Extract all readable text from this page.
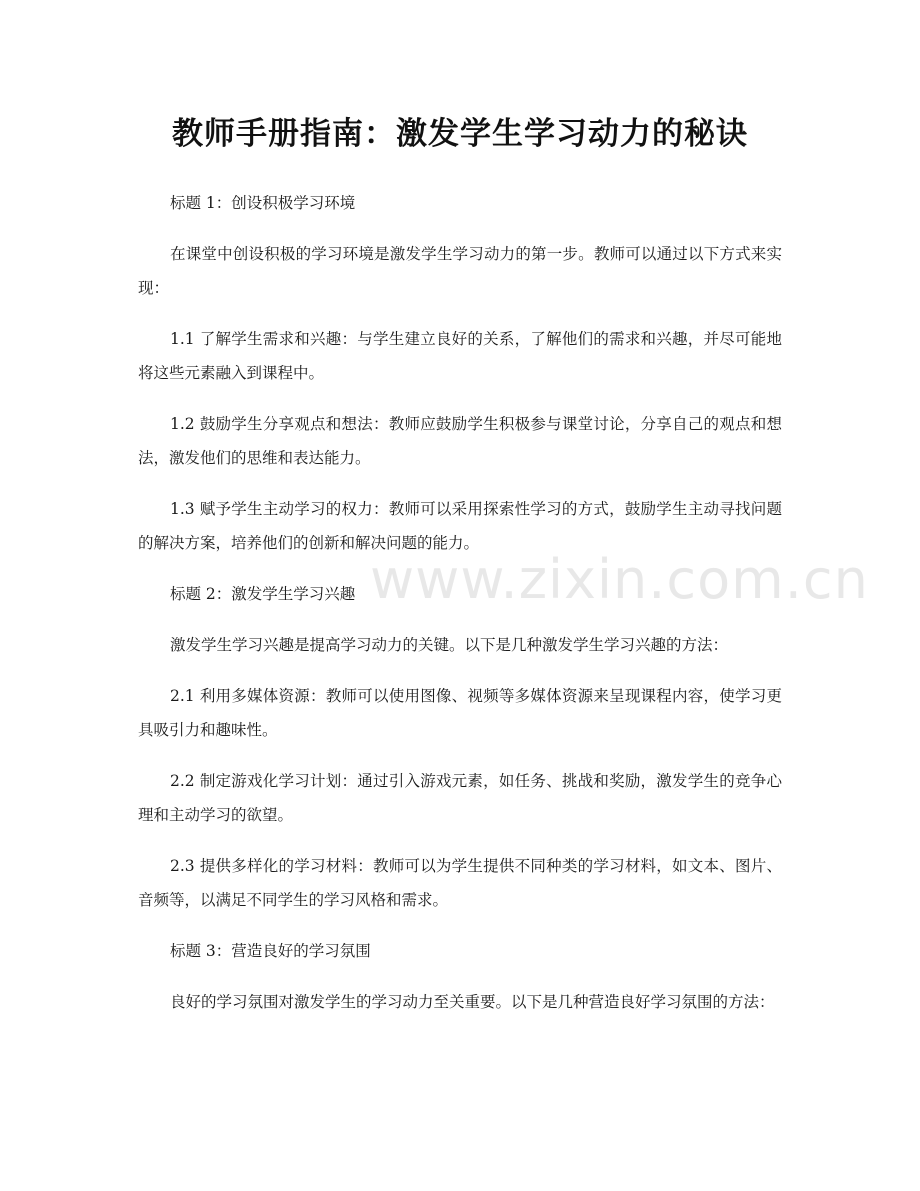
教师手册指南：激发学生学习动力的秘诀

标题 1：创设积极学习环境

在课堂中创设积极的学习环境是激发学生学习动力的第一步。教师可以通过以下方式来实现：

1.1 了解学生需求和兴趣：与学生建立良好的关系，了解他们的需求和兴趣，并尽可能地将这些元素融入到课程中。

1.2 鼓励学生分享观点和想法：教师应鼓励学生积极参与课堂讨论，分享自己的观点和想法，激发他们的思维和表达能力。

1.3 赋予学生主动学习的权力：教师可以采用探索性学习的方式，鼓励学生主动寻找问题的解决方案，培养他们的创新和解决问题的能力。

标题 2：激发学生学习兴趣

激发学生学习兴趣是提高学习动力的关键。以下是几种激发学生学习兴趣的方法：

2.1 利用多媒体资源：教师可以使用图像、视频等多媒体资源来呈现课程内容，使学习更具吸引力和趣味性。

2.2 制定游戏化学习计划：通过引入游戏元素，如任务、挑战和奖励，激发学生的竞争心理和主动学习的欲望。

2.3 提供多样化的学习材料：教师可以为学生提供不同种类的学习材料，如文本、图片、音频等，以满足不同学生的学习风格和需求。

标题 3：营造良好的学习氛围

良好的学习氛围对激发学生的学习动力至关重要。以下是几种营造良好学习氛围的方法：

www.zixin.com.cn
